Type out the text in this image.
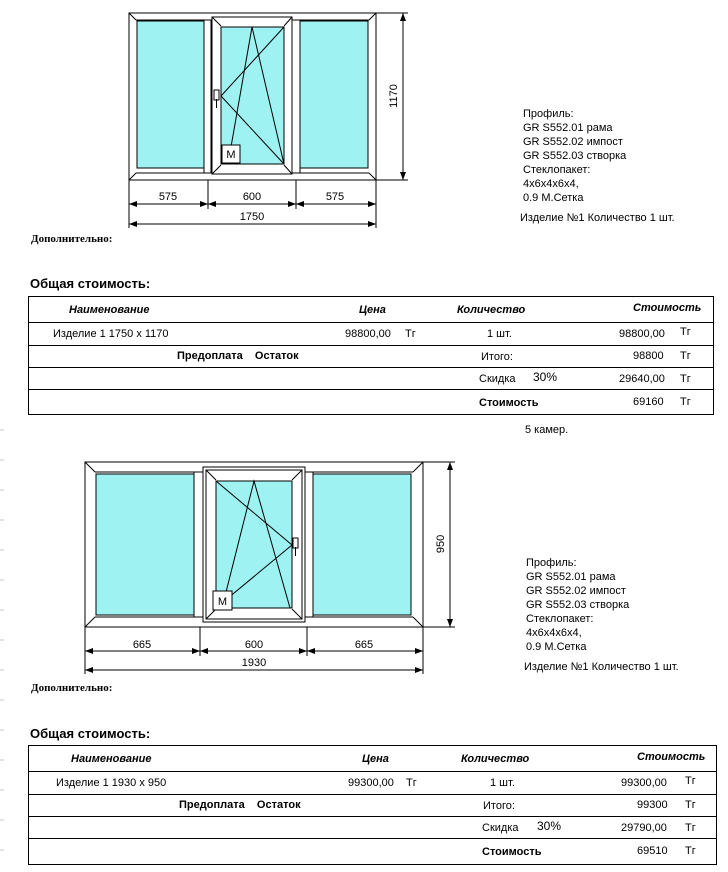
М
1170
575	600	575
1750
Профиль:
GR S552.01 рама
GR S552.02 импост
GR S552.03 створка
Стеклопакет:
4х6х4х6х4,
0.9 М.Сетка
Изделие №1 Количество 1 шт.
Дополнительно:
Общая стоимость:
Наименование	Цена	Количество	Стоимость
Изделие 1 1750 х 1170	98800,00 Тг	1 шт.	98800,00 Тг
Предоплата    Остаток	Итого:	98800 Тг
Скидка 30%	29640,00 Тг
Стоимость	69160 Тг
5 камер.
М
950
665	600	665
1930
Профиль:
GR S552.01 рама
GR S552.02 импост
GR S552.03 створка
Стеклопакет:
4х6х4х6х4,
0.9 М.Сетка
Изделие №1 Количество 1 шт.
Дополнительно:
Общая стоимость:
Наименование	Цена	Количество	Стоимость
Изделие 1 1930 х 950	99300,00 Тг	1 шт.	99300,00 Тг
Предоплата    Остаток	Итого:	99300 Тг
Скидка 30%	29790,00 Тг
Стоимость	69510 Тг
